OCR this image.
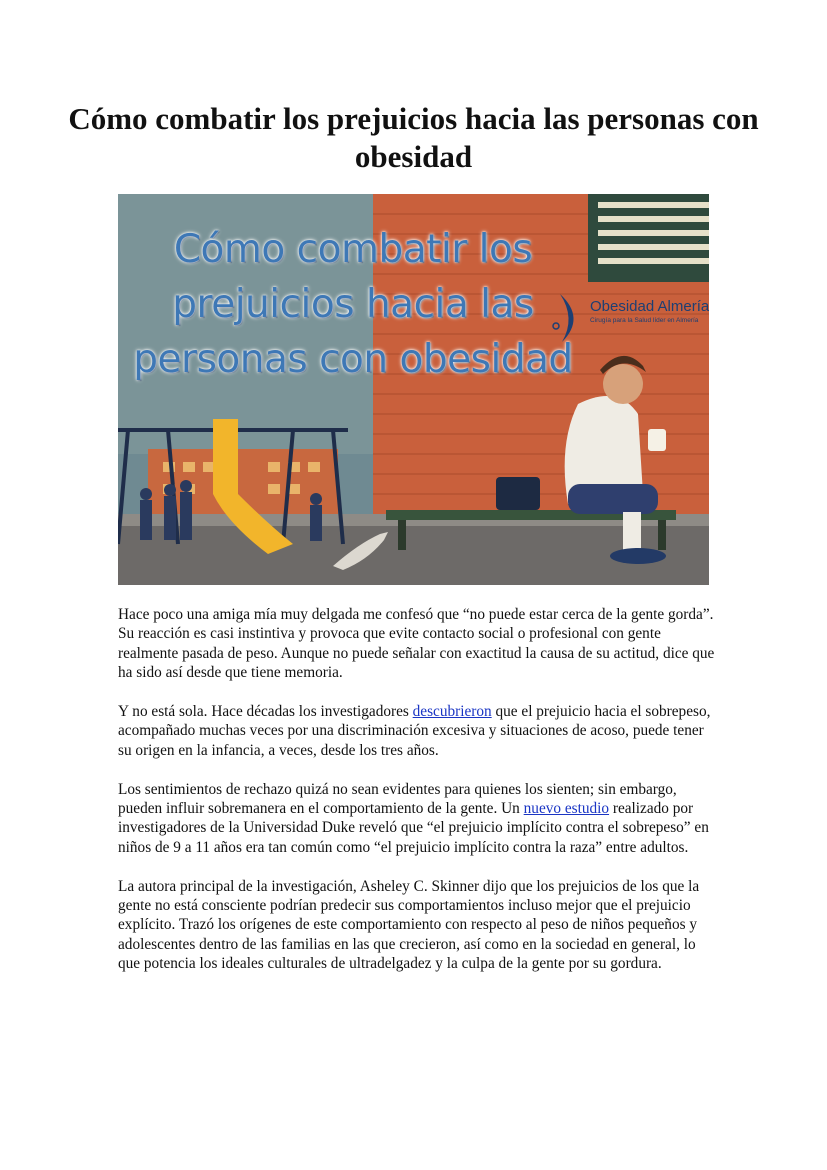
Cómo combatir los prejuicios hacia las personas con obesidad
Cómo combatir los prejuicios hacia las personas con obesidad
Obesidad Almería
Cirugía para la Salud líder en Almería

Hace poco una amiga mía muy delgada me confesó que “no puede estar cerca de la gente gorda”. Su reacción es casi instintiva y provoca que evite contacto social o profesional con gente realmente pasada de peso. Aunque no puede señalar con exactitud la causa de su actitud, dice que ha sido así desde que tiene memoria.

Y no está sola. Hace décadas los investigadores descubrieron que el prejuicio hacia el sobrepeso, acompañado muchas veces por una discriminación excesiva y situaciones de acoso, puede tener su origen en la infancia, a veces, desde los tres años.

Los sentimientos de rechazo quizá no sean evidentes para quienes los sienten; sin embargo, pueden influir sobremanera en el comportamiento de la gente. Un nuevo estudio realizado por investigadores de la Universidad Duke reveló que “el prejuicio implícito contra el sobrepeso” en niños de 9 a 11 años era tan común como “el prejuicio implícito contra la raza” entre adultos.

La autora principal de la investigación, Asheley C. Skinner dijo que los prejuicios de los que la gente no está consciente podrían predecir sus comportamientos incluso mejor que el prejuicio explícito. Trazó los orígenes de este comportamiento con respecto al peso de niños pequeños y adolescentes dentro de las familias en las que crecieron, así como en la sociedad en general, lo que potencia los ideales culturales de ultradelgadez y la culpa de la gente por su gordura.
